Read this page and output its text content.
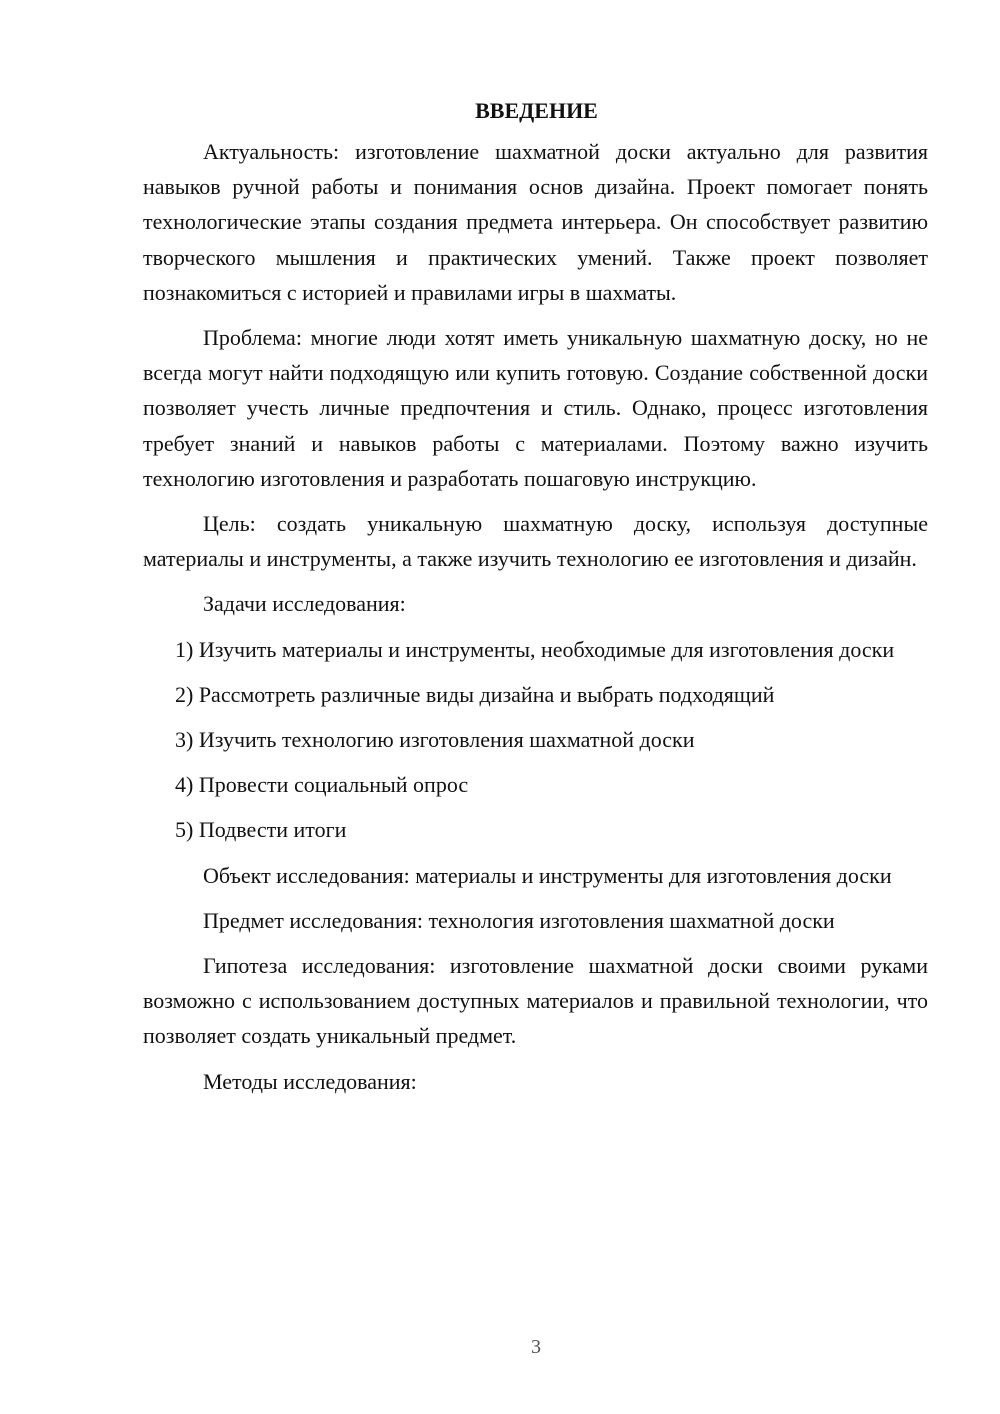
ВВЕДЕНИЕ

Актуальность: изготовление шахматной доски актуально для развития навыков ручной работы и понимания основ дизайна. Проект помогает понять технологические этапы создания предмета интерьера. Он способствует развитию творческого мышления и практических умений. Также проект позволяет познакомиться с историей и правилами игры в шахматы.

Проблема: многие люди хотят иметь уникальную шахматную доску, но не всегда могут найти подходящую или купить готовую. Создание собственной доски позволяет учесть личные предпочтения и стиль. Однако, процесс изготовления требует знаний и навыков работы с материалами. Поэтому важно изучить технологию изготовления и разработать пошаговую инструкцию.

Цель: создать уникальную шахматную доску, используя доступные материалы и инструменты, а также изучить технологию ее изготовления и дизайн.

Задачи исследования:

1) Изучить материалы и инструменты, необходимые для изготовления доски

2) Рассмотреть различные виды дизайна и выбрать подходящий

3) Изучить технологию изготовления шахматной доски

4) Провести социальный опрос

5) Подвести итоги

Объект исследования: материалы и инструменты для изготовления доски

Предмет исследования: технология изготовления шахматной доски

Гипотеза исследования: изготовление шахматной доски своими руками возможно с использованием доступных материалов и правильной технологии, что позволяет создать уникальный предмет.

Методы исследования:

3
